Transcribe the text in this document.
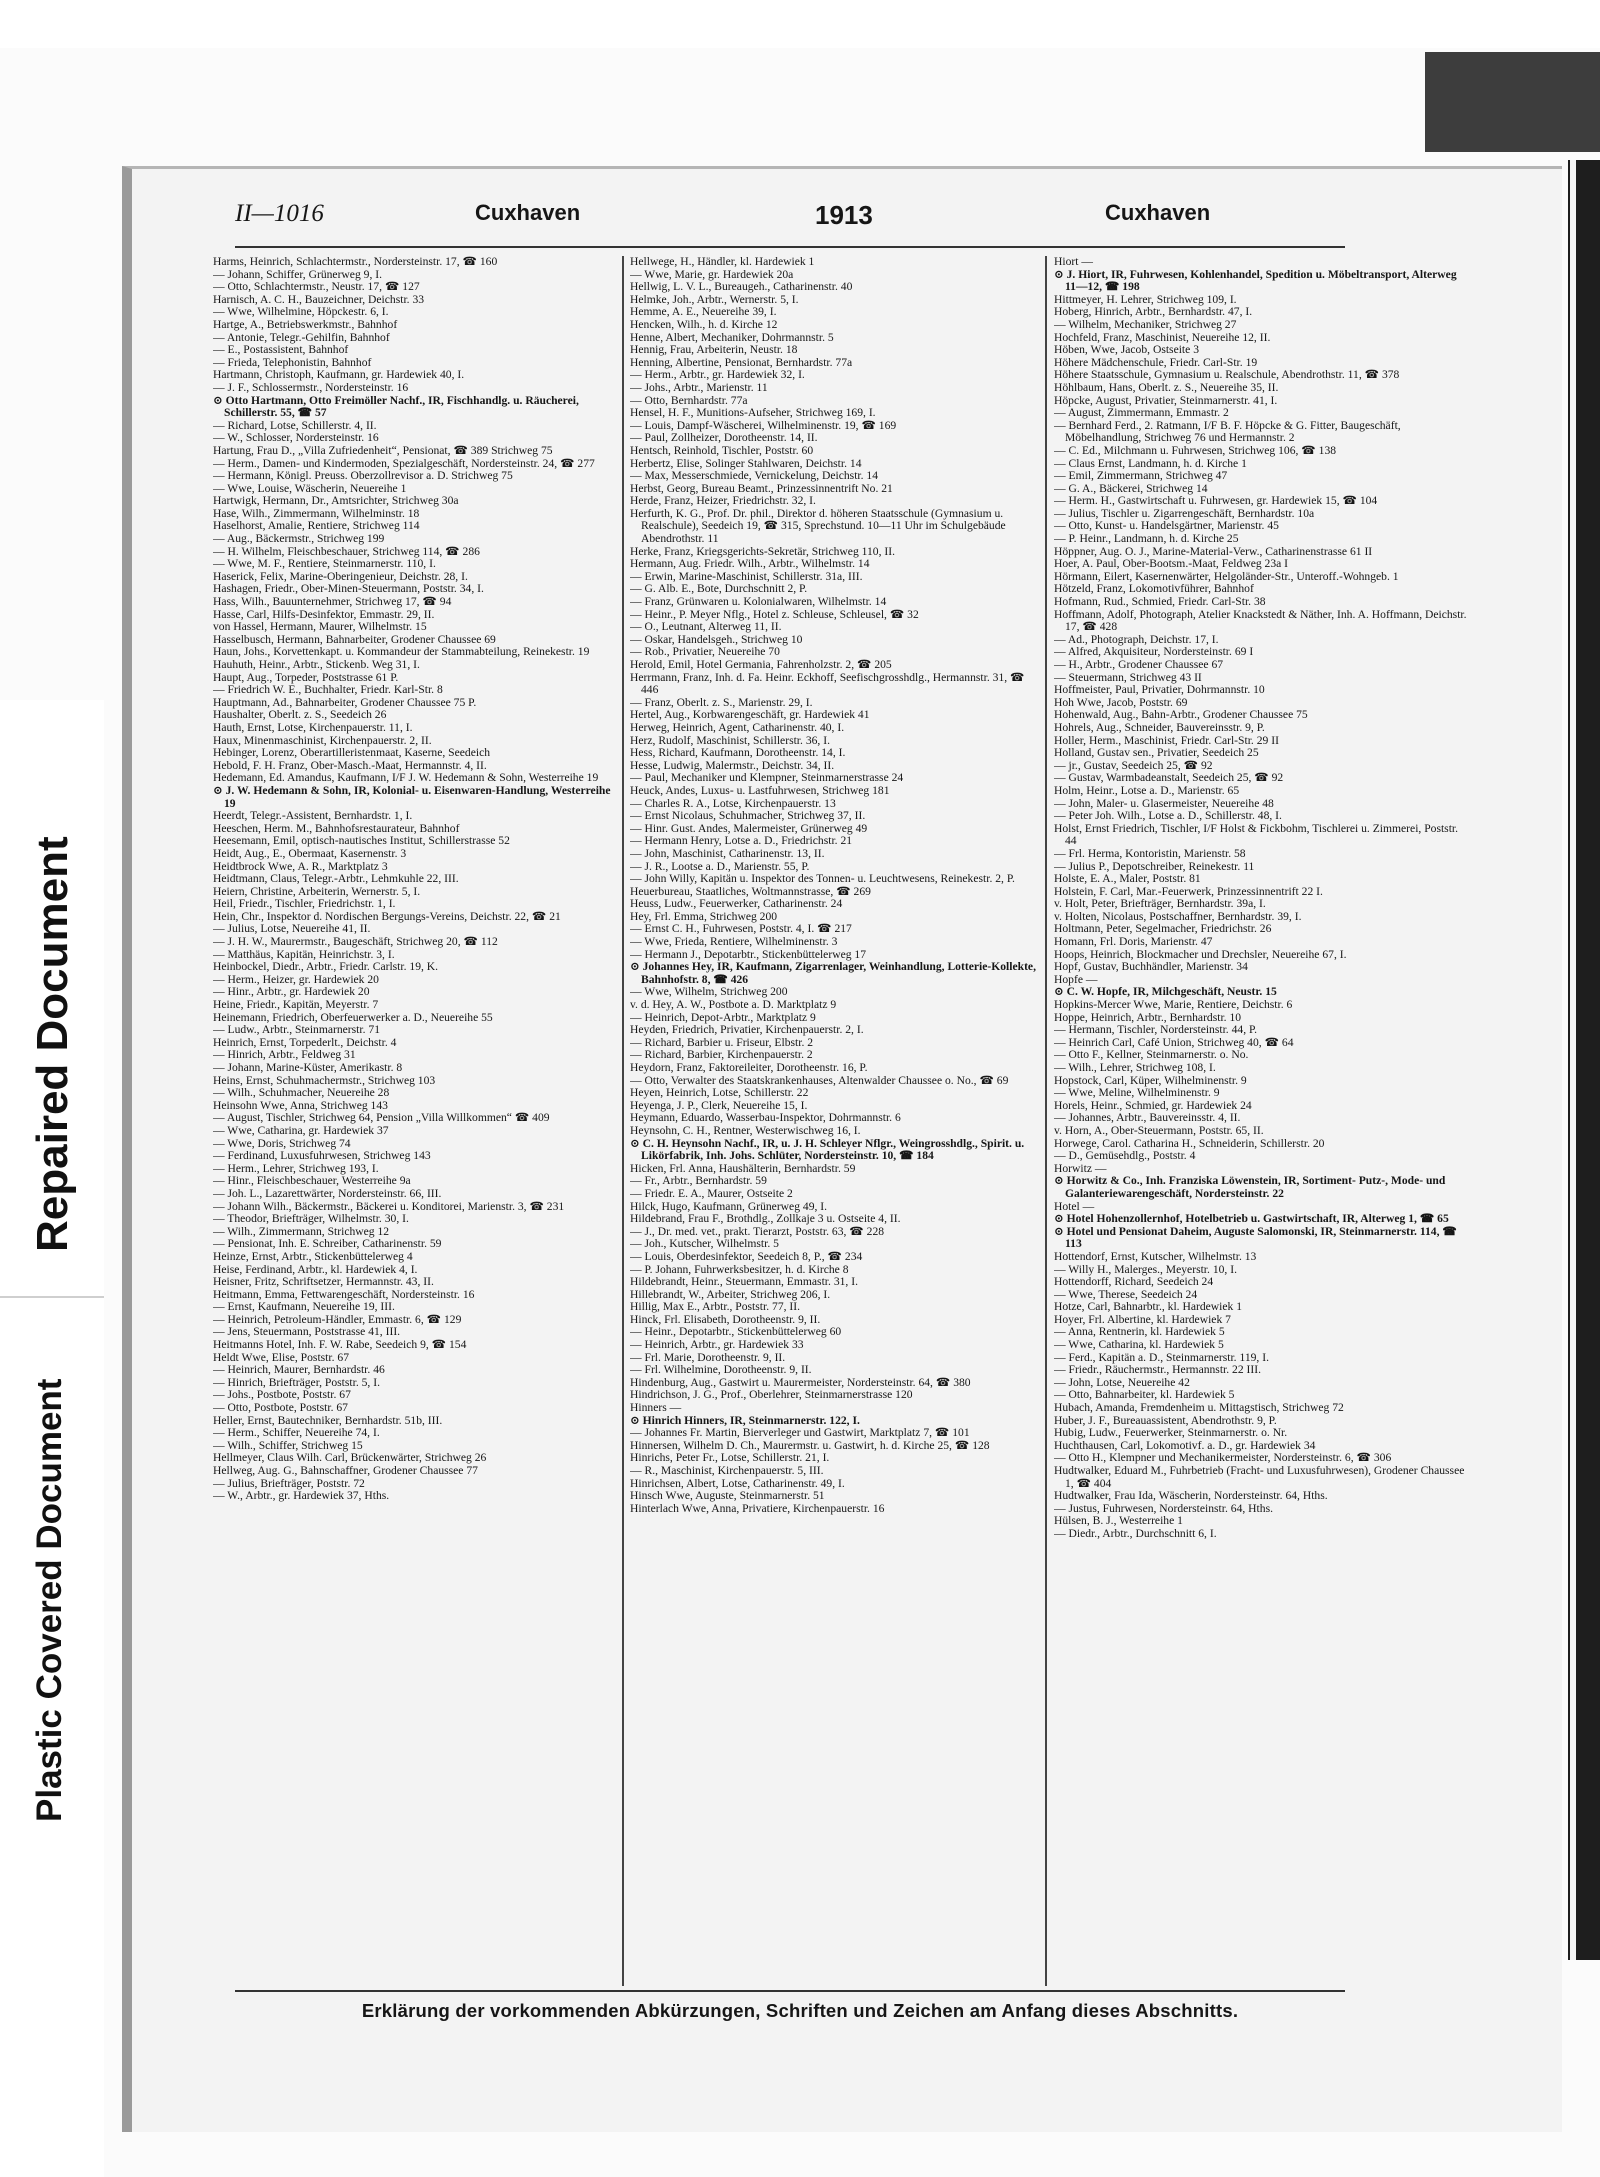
Repaired Document
Plastic Covered Document
II—1016	Cuxhaven	1913	Cuxhaven

Harms, Heinrich, Schlachtermstr., Nordersteinstr. 17, ☎ 160

— Johann, Schiffer, Grünerweg 9, I.

— Otto, Schlachtermstr., Neustr. 17, ☎ 127

Harnisch, A. C. H., Bauzeichner, Deichstr. 33

— Wwe, Wilhelmine, Höpckestr. 6, I.

Hartge, A., Betriebswerkmstr., Bahnhof

— Antonie, Telegr.-Gehilfin, Bahnhof

— E., Postassistent, Bahnhof

— Frieda, Telephonistin, Bahnhof

Hartmann, Christoph, Kaufmann, gr. Hardewiek 40, I.

— J. F., Schlossermstr., Nordersteinstr. 16

⊙ Otto Hartmann, Otto Freimöller Nachf., IR, Fischhandlg. u. Räucherei, Schillerstr. 55, ☎ 57

— Richard, Lotse, Schillerstr. 4, II.

— W., Schlosser, Nordersteinstr. 16

Hartung, Frau D., „Villa Zufriedenheit“, Pensionat, ☎ 389 Strichweg 75

— Herm., Damen- und Kindermoden, Spezialgeschäft, Nordersteinstr. 24, ☎ 277

— Hermann, Königl. Preuss. Oberzollrevisor a. D. Strichweg 75

— Wwe, Louise, Wäscherin, Neuereihe 1

Hartwigk, Hermann, Dr., Amtsrichter, Strichweg 30a

Hase, Wilh., Zimmermann, Wilhelminstr. 18

Haselhorst, Amalie, Rentiere, Strichweg 114

— Aug., Bäckermstr., Strichweg 199

— H. Wilhelm, Fleischbeschauer, Strichweg 114, ☎ 286

— Wwe, M. F., Rentiere, Steinmarnerstr. 110, I.

Haserick, Felix, Marine-Oberingenieur, Deichstr. 28, I.

Hashagen, Friedr., Ober-Minen-Steuermann, Poststr. 34, I.

Hass, Wilh., Bauunternehmer, Strichweg 17, ☎ 94

Hasse, Carl, Hilfs-Desinfektor, Emmastr. 29, II.

von Hassel, Hermann, Maurer, Wilhelmstr. 15

Hasselbusch, Hermann, Bahnarbeiter, Grodener Chaussee 69

Haun, Johs., Korvettenkapt. u. Kommandeur der Stammabteilung, Reinekestr. 19

Hauhuth, Heinr., Arbtr., Stickenb. Weg 31, I.

Haupt, Aug., Torpeder, Poststrasse 61 P.

— Friedrich W. E., Buchhalter, Friedr. Karl-Str. 8

Hauptmann, Ad., Bahnarbeiter, Grodener Chaussee 75 P.

Haushalter, Oberlt. z. S., Seedeich 26

Hauth, Ernst, Lotse, Kirchenpauerstr. 11, I.

Haux, Minenmaschinist, Kirchenpauerstr. 2, II.

Hebinger, Lorenz, Oberartilleristenmaat, Kaserne, Seedeich

Hebold, F. H. Franz, Ober-Masch.-Maat, Hermannstr. 4, II.

Hedemann, Ed. Amandus, Kaufmann, I/F J. W. Hedemann & Sohn, Westerreihe 19

⊙ J. W. Hedemann & Sohn, IR, Kolonial- u. Eisenwaren-Handlung, Westerreihe 19

Heerdt, Telegr.-Assistent, Bernhardstr. 1, I.

Heeschen, Herm. M., Bahnhofsrestaurateur, Bahnhof

Heesemann, Emil, optisch-nautisches Institut, Schillerstrasse 52

Heidt, Aug., E., Obermaat, Kasernenstr. 3

Heidtbrock Wwe, A. R., Marktplatz 3

Heidtmann, Claus, Telegr.-Arbtr., Lehmkuhle 22, III.

Heiern, Christine, Arbeiterin, Wernerstr. 5, I.

Heil, Friedr., Tischler, Friedrichstr. 1, I.

Hein, Chr., Inspektor d. Nordischen Bergungs-Vereins, Deichstr. 22, ☎ 21

— Julius, Lotse, Neuereihe 41, II.

— J. H. W., Maurermstr., Baugeschäft, Strichweg 20, ☎ 112

— Matthäus, Kapitän, Heinrichstr. 3, I.

Heinbockel, Diedr., Arbtr., Friedr. Carlstr. 19, K.

— Herm., Heizer, gr. Hardewiek 20

— Hinr., Arbtr., gr. Hardewiek 20

Heine, Friedr., Kapitän, Meyerstr. 7

Heinemann, Friedrich, Oberfeuerwerker a. D., Neuereihe 55

— Ludw., Arbtr., Steinmarnerstr. 71

Heinrich, Ernst, Torpederlt., Deichstr. 4

— Hinrich, Arbtr., Feldweg 31

— Johann, Marine-Küster, Amerikastr. 8

Heins, Ernst, Schuhmachermstr., Strichweg 103

— Wilh., Schuhmacher, Neuereihe 28

Heinsohn Wwe, Anna, Strichweg 143

— August, Tischler, Strichweg 64, Pension „Villa Willkommen“ ☎ 409

— Wwe, Catharina, gr. Hardewiek 37

— Wwe, Doris, Strichweg 74

— Ferdinand, Luxusfuhrwesen, Strichweg 143

— Herm., Lehrer, Strichweg 193, I.

— Hinr., Fleischbeschauer, Westerreihe 9a

— Joh. L., Lazarettwärter, Nordersteinstr. 66, III.

— Johann Wilh., Bäckermstr., Bäckerei u. Konditorei, Marienstr. 3, ☎ 231

— Theodor, Briefträger, Wilhelmstr. 30, I.

— Wilh., Zimmermann, Strichweg 12

— Pensionat, Inh. E. Schreiber, Catharinenstr. 59

Heinze, Ernst, Arbtr., Stickenbüttelerweg 4

Heise, Ferdinand, Arbtr., kl. Hardewiek 4, I.

Heisner, Fritz, Schriftsetzer, Hermannstr. 43, II.

Heitmann, Emma, Fettwarengeschäft, Nordersteinstr. 16

— Ernst, Kaufmann, Neuereihe 19, III.

— Heinrich, Petroleum-Händler, Emmastr. 6, ☎ 129

— Jens, Steuermann, Poststrasse 41, III.

Heitmanns Hotel, Inh. F. W. Rabe, Seedeich 9, ☎ 154

Heldt Wwe, Elise, Poststr. 67

— Heinrich, Maurer, Bernhardstr. 46

— Hinrich, Briefträger, Poststr. 5, I.

— Johs., Postbote, Poststr. 67

— Otto, Postbote, Poststr. 67

Heller, Ernst, Bautechniker, Bernhardstr. 51b, III.

— Herm., Schiffer, Neuereihe 74, I.

— Wilh., Schiffer, Strichweg 15

Hellmeyer, Claus Wilh. Carl, Brückenwärter, Strichweg 26

Hellweg, Aug. G., Bahnschaffner, Grodener Chaussee 77

— Julius, Briefträger, Poststr. 72

— W., Arbtr., gr. Hardewiek 37, Hths.

Hellwege, H., Händler, kl. Hardewiek 1

— Wwe, Marie, gr. Hardewiek 20a

Hellwig, L. V. L., Bureaugeh., Catharinenstr. 40

Helmke, Joh., Arbtr., Wernerstr. 5, I.

Hemme, A. E., Neuereihe 39, I.

Hencken, Wilh., h. d. Kirche 12

Henne, Albert, Mechaniker, Dohrmannstr. 5

Hennig, Frau, Arbeiterin, Neustr. 18

Henning, Albertine, Pensionat, Bernhardstr. 77a

— Herm., Arbtr., gr. Hardewiek 32, I.

— Johs., Arbtr., Marienstr. 11

— Otto, Bernhardstr. 77a

Hensel, H. F., Munitions-Aufseher, Strichweg 169, I.

— Louis, Dampf-Wäscherei, Wilhelminenstr. 19, ☎ 169

— Paul, Zollheizer, Dorotheenstr. 14, II.

Hentsch, Reinhold, Tischler, Poststr. 60

Herbertz, Elise, Solinger Stahlwaren, Deichstr. 14

— Max, Messerschmiede, Vernickelung, Deichstr. 14

Herbst, Georg, Bureau Beamt., Prinzessinnentrift No. 21

Herde, Franz, Heizer, Friedrichstr. 32, I.

Herfurth, K. G., Prof. Dr. phil., Direktor d. höheren Staatsschule (Gymnasium u. Realschule), Seedeich 19, ☎ 315, Sprechstund. 10—11 Uhr im Schulgebäude Abendrothstr. 11

Herke, Franz, Kriegsgerichts-Sekretär, Strichweg 110, II.

Hermann, Aug. Friedr. Wilh., Arbtr., Wilhelmstr. 14

— Erwin, Marine-Maschinist, Schillerstr. 31a, III.

— G. Alb. E., Bote, Durchschnitt 2, P.

— Franz, Grünwaren u. Kolonialwaren, Wilhelmstr. 14

— Heinr., P. Meyer Nflg., Hotel z. Schleuse, Schleusel, ☎ 32

— O., Leutnant, Alterweg 11, II.

— Oskar, Handelsgeh., Strichweg 10

— Rob., Privatier, Neuereihe 70

Herold, Emil, Hotel Germania, Fahrenholzstr. 2, ☎ 205

Herrmann, Franz, Inh. d. Fa. Heinr. Eckhoff, Seefischgrosshdlg., Hermannstr. 31, ☎ 446

— Franz, Oberlt. z. S., Marienstr. 29, I.

Hertel, Aug., Korbwarengeschäft, gr. Hardewiek 41

Herweg, Heinrich, Agent, Catharinenstr. 40, I.

Herz, Rudolf, Maschinist, Schillerstr. 36, I.

Hess, Richard, Kaufmann, Dorotheenstr. 14, I.

Hesse, Ludwig, Malermstr., Deichstr. 34, II.

— Paul, Mechaniker und Klempner, Steinmarnerstrasse 24

Heuck, Andes, Luxus- u. Lastfuhrwesen, Strichweg 181

— Charles R. A., Lotse, Kirchenpauerstr. 13

— Ernst Nicolaus, Schuhmacher, Strichweg 37, II.

— Hinr. Gust. Andes, Malermeister, Grünerweg 49

— Hermann Henry, Lotse a. D., Friedrichstr. 21

— John, Maschinist, Catharinenstr. 13, II.

— J. R., Lootse a. D., Marienstr. 55, P.

— John Willy, Kapitän u. Inspektor des Tonnen- u. Leuchtwesens, Reinekestr. 2, P.

Heuerbureau, Staatliches, Woltmannstrasse, ☎ 269

Heuss, Ludw., Feuerwerker, Catharinenstr. 24

Hey, Frl. Emma, Strichweg 200

— Ernst C. H., Fuhrwesen, Poststr. 4, I. ☎ 217

— Wwe, Frieda, Rentiere, Wilhelminenstr. 3

— Hermann J., Depotarbtr., Stickenbüttelerweg 17

⊙ Johannes Hey, IR, Kaufmann, Zigarrenlager, Weinhandlung, Lotterie-Kollekte, Bahnhofstr. 8, ☎ 426

— Wwe, Wilhelm, Strichweg 200

v. d. Hey, A. W., Postbote a. D. Marktplatz 9

— Heinrich, Depot-Arbtr., Marktplatz 9

Heyden, Friedrich, Privatier, Kirchenpauerstr. 2, I.

— Richard, Barbier u. Friseur, Elbstr. 2

— Richard, Barbier, Kirchenpauerstr. 2

Heydorn, Franz, Faktoreileiter, Dorotheenstr. 16, P.

— Otto, Verwalter des Staatskrankenhauses, Altenwalder Chaussee o. No., ☎ 69

Heyen, Heinrich, Lotse, Schillerstr. 22

Heyenga, J. P., Clerk, Neuereihe 15, I.

Heymann, Eduardo, Wasserbau-Inspektor, Dohrmannstr. 6

Heynsohn, C. H., Rentner, Westerwischweg 16, I.

⊙ C. H. Heynsohn Nachf., IR, u. J. H. Schleyer Nflgr., Weingrosshdlg., Spirit. u. Likörfabrik, Inh. Johs. Schlüter, Nordersteinstr. 10, ☎ 184

Hicken, Frl. Anna, Haushälterin, Bernhardstr. 59

— Fr., Arbtr., Bernhardstr. 59

— Friedr. E. A., Maurer, Ostseite 2

Hilck, Hugo, Kaufmann, Grünerweg 49, I.

Hildebrand, Frau F., Brothdlg., Zollkaje 3 u. Ostseite 4, II.

— J., Dr. med. vet., prakt. Tierarzt, Poststr. 63, ☎ 228

— Joh., Kutscher, Wilhelmstr. 5

— Louis, Oberdesinfektor, Seedeich 8, P., ☎ 234

— P. Johann, Fuhrwerksbesitzer, h. d. Kirche 8

Hildebrandt, Heinr., Steuermann, Emmastr. 31, I.

Hillebrandt, W., Arbeiter, Strichweg 206, I.

Hillig, Max E., Arbtr., Poststr. 77, II.

Hinck, Frl. Elisabeth, Dorotheenstr. 9, II.

— Heinr., Depotarbtr., Stickenbüttelerweg 60

— Heinrich, Arbtr., gr. Hardewiek 33

— Frl. Marie, Dorotheenstr. 9, II.

— Frl. Wilhelmine, Dorotheenstr. 9, II.

Hindenburg, Aug., Gastwirt u. Maurermeister, Nordersteinstr. 64, ☎ 380

Hindrichson, J. G., Prof., Oberlehrer, Steinmarnerstrasse 120

Hinners —

⊙ Hinrich Hinners, IR, Steinmarnerstr. 122, I.

— Johannes Fr. Martin, Bierverleger und Gastwirt, Marktplatz 7, ☎ 101

Hinnersen, Wilhelm D. Ch., Maurermstr. u. Gastwirt, h. d. Kirche 25, ☎ 128

Hinrichs, Peter Fr., Lotse, Schillerstr. 21, I.

— R., Maschinist, Kirchenpauerstr. 5, III.

Hinrichsen, Albert, Lotse, Catharinenstr. 49, I.

Hinsch Wwe, Auguste, Steinmarnerstr. 51

Hinterlach Wwe, Anna, Privatiere, Kirchenpauerstr. 16

Hiort —

⊙ J. Hiort, IR, Fuhrwesen, Kohlenhandel, Spedition u. Möbeltransport, Alterweg 11—12, ☎ 198

Hittmeyer, H. Lehrer, Strichweg 109, I.

Hoberg, Hinrich, Arbtr., Bernhardstr. 47, I.

— Wilhelm, Mechaniker, Strichweg 27

Hochfeld, Franz, Maschinist, Neuereihe 12, II.

Höben, Wwe, Jacob, Ostseite 3

Höhere Mädchenschule, Friedr. Carl-Str. 19

Höhere Staatsschule, Gymnasium u. Realschule, Abendrothstr. 11, ☎ 378

Höhlbaum, Hans, Oberlt. z. S., Neuereihe 35, II.

Höpcke, August, Privatier, Steinmarnerstr. 41, I.

— August, Zimmermann, Emmastr. 2

— Bernhard Ferd., 2. Ratmann, I/F B. F. Höpcke & G. Fitter, Baugeschäft, Möbelhandlung, Strichweg 76 und Hermannstr. 2

— C. Ed., Milchmann u. Fuhrwesen, Strichweg 106, ☎ 138

— Claus Ernst, Landmann, h. d. Kirche 1

— Emil, Zimmermann, Strichweg 47

— G. A., Bäckerei, Strichweg 14

— Herm. H., Gastwirtschaft u. Fuhrwesen, gr. Hardewiek 15, ☎ 104

— Julius, Tischler u. Zigarrengeschäft, Bernhardstr. 10a

— Otto, Kunst- u. Handelsgärtner, Marienstr. 45

— P. Heinr., Landmann, h. d. Kirche 25

Höppner, Aug. O. J., Marine-Material-Verw., Catharinenstrasse 61 II

Hoer, A. Paul, Ober-Bootsm.-Maat, Feldweg 23a I

Hörmann, Eilert, Kasernenwärter, Helgoländer-Str., Unteroff.-Wohngeb. 1

Hötzeld, Franz, Lokomotivführer, Bahnhof

Hofmann, Rud., Schmied, Friedr. Carl-Str. 38

Hoffmann, Adolf, Photograph, Atelier Knackstedt & Näther, Inh. A. Hoffmann, Deichstr. 17, ☎ 428

— Ad., Photograph, Deichstr. 17, I.

— Alfred, Akquisiteur, Nordersteinstr. 69 I

— H., Arbtr., Grodener Chaussee 67

— Steuermann, Strichweg 43 II

Hoffmeister, Paul, Privatier, Dohrmannstr. 10

Hoh Wwe, Jacob, Poststr. 69

Hohenwald, Aug., Bahn-Arbtr., Grodener Chaussee 75

Hohrels, Aug., Schneider, Bauvereinsstr. 9, P.

Holler, Herm., Maschinist, Friedr. Carl-Str. 29 II

Holland, Gustav sen., Privatier, Seedeich 25

— jr., Gustav, Seedeich 25, ☎ 92

— Gustav, Warmbadeanstalt, Seedeich 25, ☎ 92

Holm, Heinr., Lotse a. D., Marienstr. 65

— John, Maler- u. Glasermeister, Neuereihe 48

— Peter Joh. Wilh., Lotse a. D., Schillerstr. 48, I.

Holst, Ernst Friedrich, Tischler, I/F Holst & Fickbohm, Tischlerei u. Zimmerei, Poststr. 44

— Frl. Herma, Kontoristin, Marienstr. 58

— Julius P., Depotschreiber, Reinekestr. 11

Holste, E. A., Maler, Poststr. 81

Holstein, F. Carl, Mar.-Feuerwerk, Prinzessinnentrift 22 I.

v. Holt, Peter, Briefträger, Bernhardstr. 39a, I.

v. Holten, Nicolaus, Postschaffner, Bernhardstr. 39, I.

Holtmann, Peter, Segelmacher, Friedrichstr. 26

Homann, Frl. Doris, Marienstr. 47

Hoops, Heinrich, Blockmacher und Drechsler, Neuereihe 67, I.

Hopf, Gustav, Buchhändler, Marienstr. 34

Hopfe —

⊙ C. W. Hopfe, IR, Milchgeschäft, Neustr. 15

Hopkins-Mercer Wwe, Marie, Rentiere, Deichstr. 6

Hoppe, Heinrich, Arbtr., Bernhardstr. 10

— Hermann, Tischler, Nordersteinstr. 44, P.

— Heinrich Carl, Café Union, Strichweg 40, ☎ 64

— Otto F., Kellner, Steinmarnerstr. o. No.

— Wilh., Lehrer, Strichweg 108, I.

Hopstock, Carl, Küper, Wilhelminenstr. 9

— Wwe, Meline, Wilhelminenstr. 9

Horels, Heinr., Schmied, gr. Hardewiek 24

— Johannes, Arbtr., Bauvereinsstr. 4, II.

v. Horn, A., Ober-Steuermann, Poststr. 65, II.

Horwege, Carol. Catharina H., Schneiderin, Schillerstr. 20

— D., Gemüsehdlg., Poststr. 4

Horwitz —

⊙ Horwitz & Co., Inh. Franziska Löwenstein, IR, Sortiment- Putz-, Mode- und Galanteriewarengeschäft, Nordersteinstr. 22

Hotel —

⊙ Hotel Hohenzollernhof, Hotelbetrieb u. Gastwirtschaft, IR, Alterweg 1, ☎ 65

⊙ Hotel und Pensionat Daheim, Auguste Salomonski, IR, Steinmarnerstr. 114, ☎ 113

Hottendorf, Ernst, Kutscher, Wilhelmstr. 13

— Willy H., Malerges., Meyerstr. 10, I.

Hottendorff, Richard, Seedeich 24

— Wwe, Therese, Seedeich 24

Hotze, Carl, Bahnarbtr., kl. Hardewiek 1

Hoyer, Frl. Albertine, kl. Hardewiek 7

— Anna, Rentnerin, kl. Hardewiek 5

— Wwe, Catharina, kl. Hardewiek 5

— Ferd., Kapitän a. D., Steinmarnerstr. 119, I.

— Friedr., Räuchermstr., Hermannstr. 22 III.

— John, Lotse, Neuereihe 42

— Otto, Bahnarbeiter, kl. Hardewiek 5

Hubach, Amanda, Fremdenheim u. Mittagstisch, Strichweg 72

Huber, J. F., Bureauassistent, Abendrothstr. 9, P.

Hubig, Ludw., Feuerwerker, Steinmarnerstr. o. Nr.

Huchthausen, Carl, Lokomotivf. a. D., gr. Hardewiek 34

— Otto H., Klempner und Mechanikermeister, Nordersteinstr. 6, ☎ 306

Hudtwalker, Eduard M., Fuhrbetrieb (Fracht- und Luxusfuhrwesen), Grodener Chaussee 1, ☎ 404

Hudtwalker, Frau Ida, Wäscherin, Nordersteinstr. 64, Hths.

— Justus, Fuhrwesen, Nordersteinstr. 64, Hths.

Hülsen, B. J., Westerreihe 1

— Diedr., Arbtr., Durchschnitt 6, I.

Erklärung der vorkommenden Abkürzungen, Schriften und Zeichen am Anfang dieses Abschnitts.
